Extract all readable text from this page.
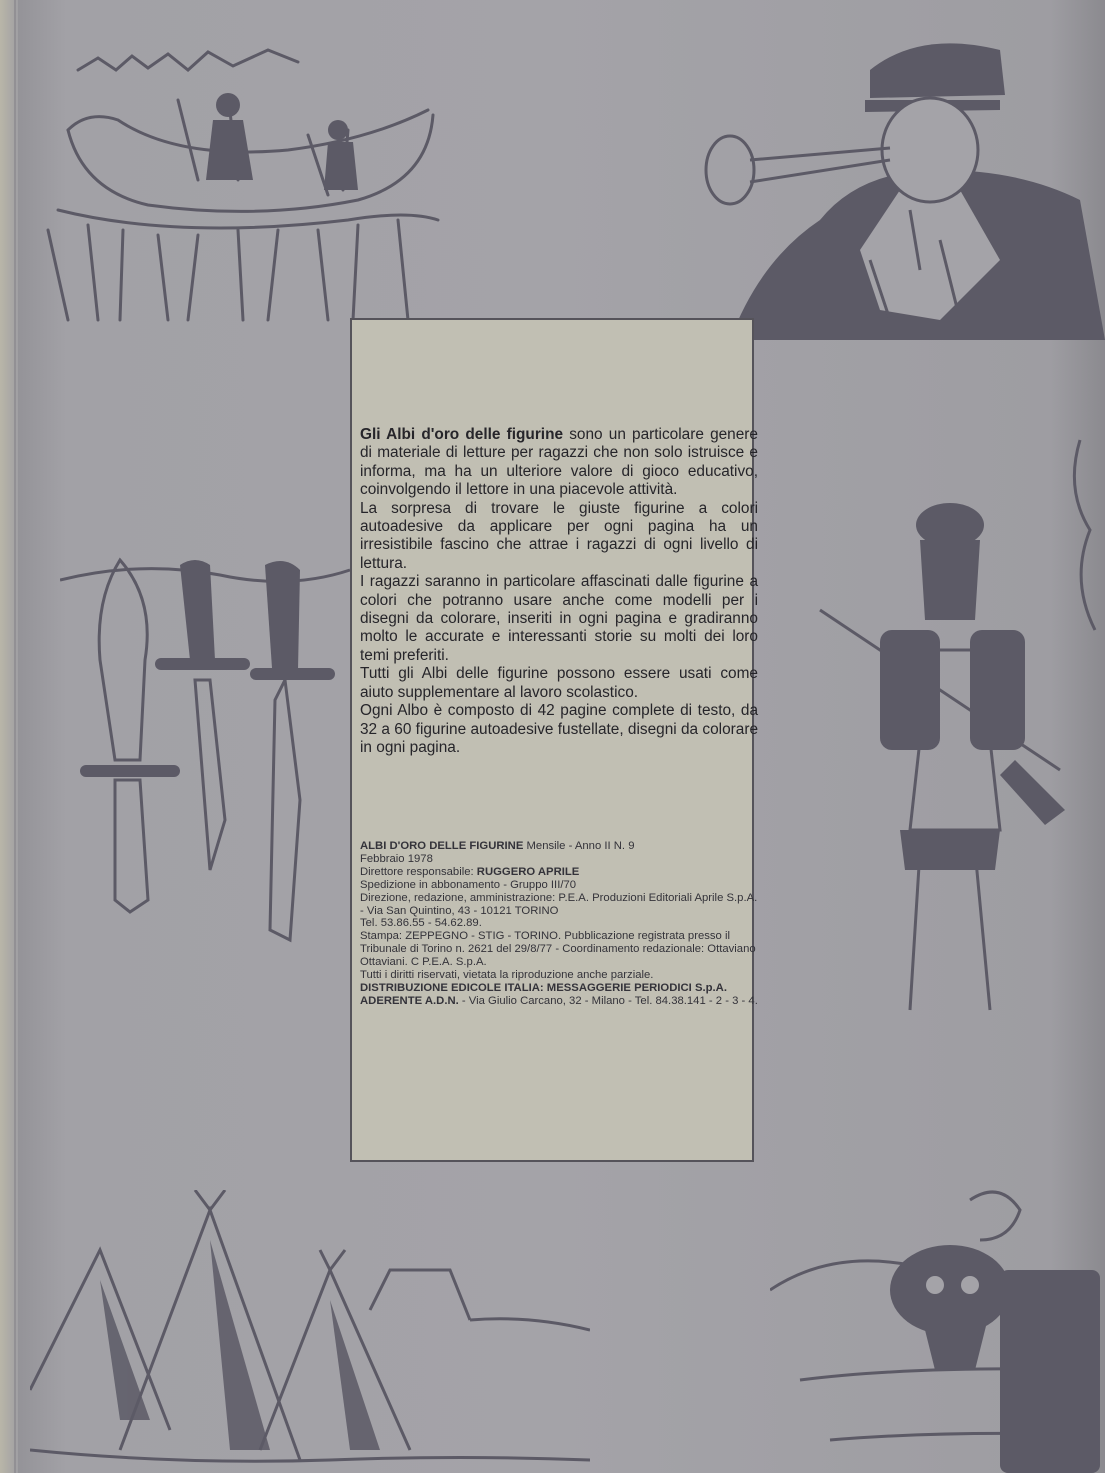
Gli Albi d'oro delle figurine sono un particolare genere di materiale di letture per ragazzi che non solo istruisce e informa, ma ha un ulteriore valore di gioco educativo, coinvolgendo il lettore in una piacevole attività.

La sorpresa di trovare le giuste figurine a colori autoadesive da applicare per ogni pagina ha un irresistibile fascino che attrae i ragazzi di ogni livello di lettura.

I ragazzi saranno in particolare affascinati dalle figurine a colori che potranno usare anche come modelli per i disegni da colorare, inseriti in ogni pagina e gradiranno molto le accurate e interessanti storie su molti dei loro temi preferiti.

Tutti gli Albi delle figurine possono essere usati come aiuto supplementare al lavoro scolastico.

Ogni Albo è composto di 42 pagine complete di testo, da 32 a 60 figurine autoadesive fustellate, disegni da colorare in ogni pagina.

ALBI D'ORO DELLE FIGURINE Mensile - Anno II N. 9

Febbraio 1978

Direttore responsabile: RUGGERO APRILE

Spedizione in abbonamento - Gruppo III/70

Direzione, redazione, amministrazione: P.E.A. Produzioni Editoriali Aprile S.p.A. - Via San Quintino, 43 - 10121 TORINO

Tel. 53.86.55 - 54.62.89.

Stampa: ZEPPEGNO - STIG - TORINO. Pubblicazione registrata presso il Tribunale di Torino n. 2621 del 29/8/77 - Coordinamento redazionale: Ottaviano Ottaviani. C P.E.A. S.p.A.

Tutti i diritti riservati, vietata la riproduzione anche parziale.

DISTRIBUZIONE EDICOLE ITALIA: MESSAGGERIE PERIODICI S.p.A. ADERENTE A.D.N. - Via Giulio Carcano, 32 - Milano - Tel. 84.38.141 - 2 - 3 - 4.
